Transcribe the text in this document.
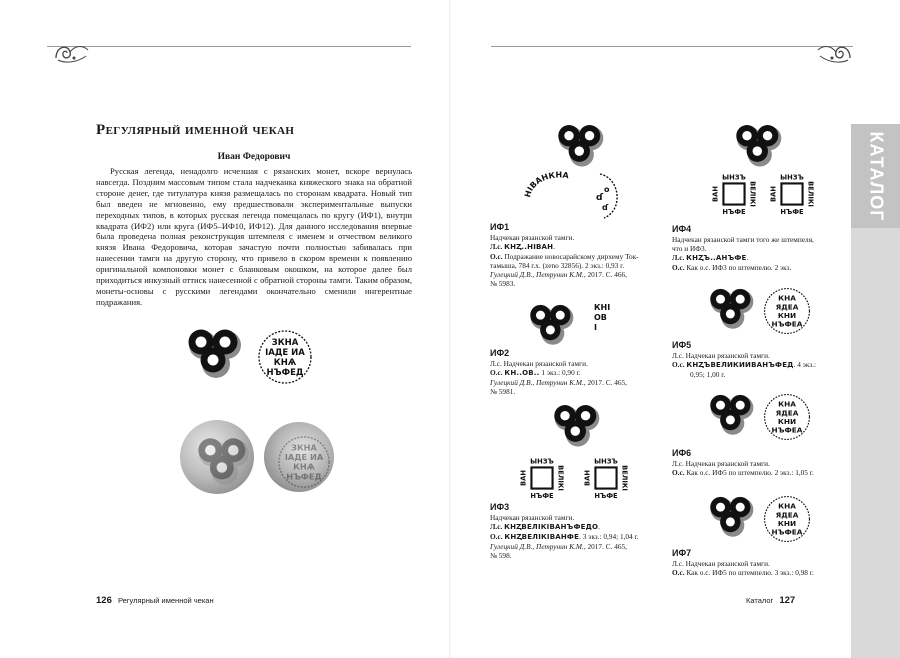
КАТАЛОГ
Регулярный именной чекан
Иван Федорович

Русская легенда, ненадолго исчезшая с рязанских монет, вскоре вернулась навсегда. Поздним массовым типом стала надчеканка княжеского знака на обратной стороне денег, где титулатура князя размещалась по сторонам квадрата. Новый тип был введен не мгновенно, ему предшествовали экспериментальные выпуски переходных типов, в которых русская легенда помещалась по кругу (ИФ1), внутри квадрата (ИФ2) или круга (ИФ5–ИФ10, ИФ12). Для данного исследования впервые была проведена полная реконструкция штемпеля с именем и отчеством великого князя Ивана Федоровича, которая зачастую почти полностью забивалась при нанесении тамги на другую сторону, что привело в скором времени к появлению оригинальной компоновки монет с бланковым окошком, на которое далее был приходиться инкузный оттиск нанесенной с обратной стороны тамги. Таким образом, монеты-основы с русскими легендами окончательно сменили ингерентные подражания.

126 Регулярный именной чекан
НІВАНКНА
ɗ
о
ɗ
КНІ
ОВ
І
ИФ1
Надчекан рязанской тамги.
Л.с. КНⱫ..НIВАН.
О.с. Подражание новосарайскому дирхему Ток-
тамыша, 784 г.х. (zeno 32856). 2 экз.: 0,93 г.
Гулецкий Д.В., Петрунин К.М., 2017. С. 466,
№ 5983.
ИФ2
Л.с. Надчекан рязанской тамги.
О.с. КН..ОВ.. 1 экз.: 0,90 г.
Гулецкий Д.В., Петрунин К.М., 2017. С. 465,
№ 5981.
ИФ3
Надчекан рязанской тамги.
Л.с. КНⱫВЕЛIКIВАНЪФЕДО.
О.с. КНⱫВЕЛIКIВАНФЕ. 3 экз.: 0,94; 1,04 г.
Гулецкий Д.В., Петрунин К.М., 2017. С. 465,
№ 598.
ИФ4
Надчекан рязанской тамги того же штемпеля,
что и ИФ3.
Л.с. КНⱫЪ..АНЪФЕ.
О.с. Как о.с. ИФ3 по штемпелю. 2 экз.
ИФ5
Л.с. Надчекан рязанской тамги.
О.с. КНⱫЪВЕЛИКИИВАНЪФЕД. 4 экз.:
0,95; 1,00 г.
ИФ6
Л.с. Надчекан рязанской тамги.
О.с. Как о.с. ИФ5 по штемпелю. 2 экз.: 1,05 г.
ИФ7
Л.с. Надчекан рязанской тамги.
О.с. Как о.с. ИФ5 по штемпелю. 3 экз.: 0,98 г.
Каталог 127
